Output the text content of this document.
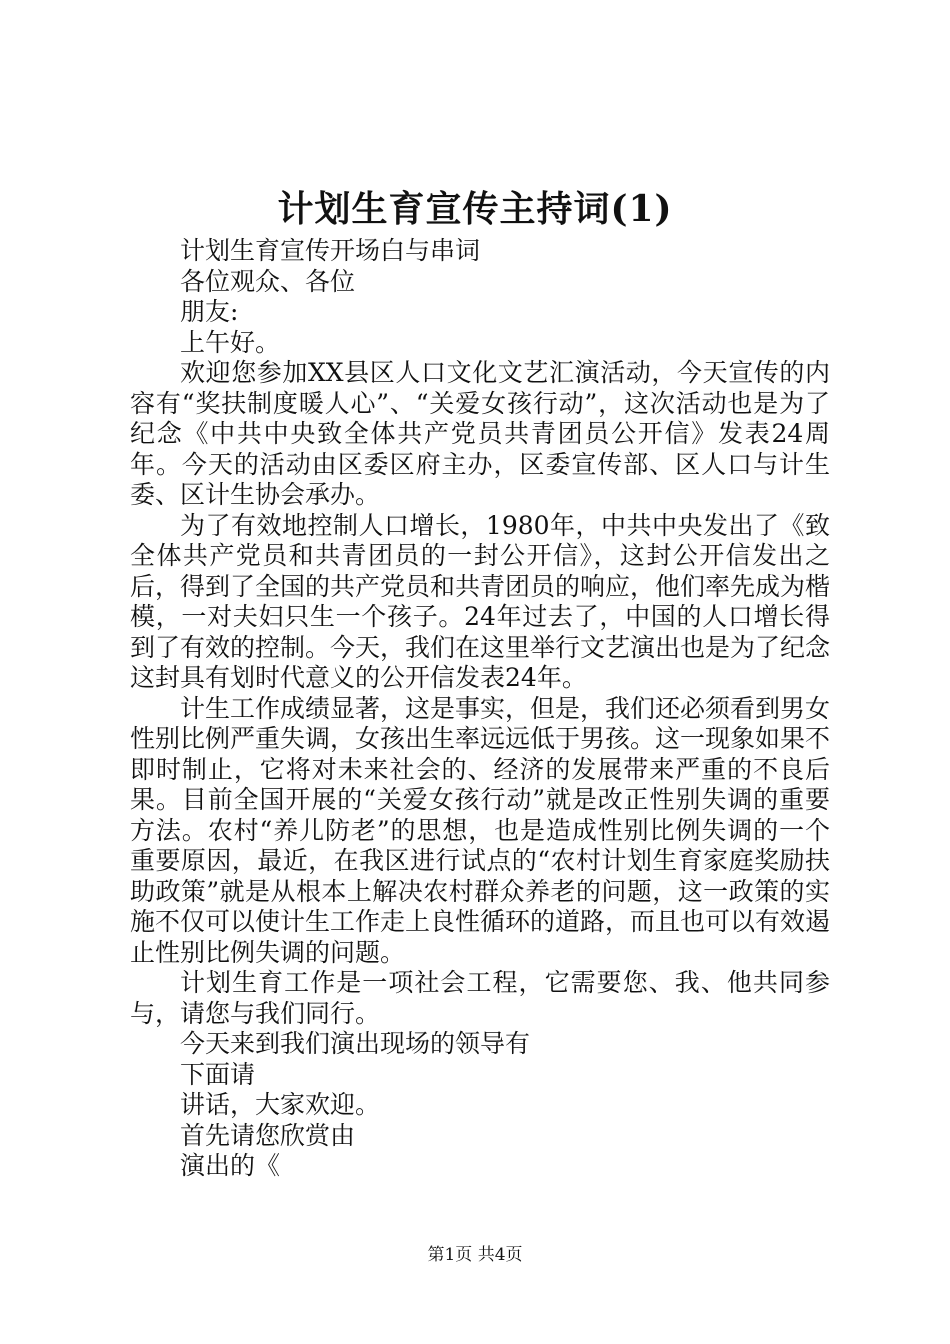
计划生育宣传主持词(1)

计划生育宣传开场白与串词

各位观众、各位

朋友:

上午好。

欢迎您参加XX县区人口文化文艺汇演活动，今天宣传的内容有“奖扶制度暖人心”、“关爱女孩行动”，这次活动也是为了纪念《中共中央致全体共产党员共青团员公开信》发表24周年。今天的活动由区委区府主办，区委宣传部、区人口与计生委、区计生协会承办。

为了有效地控制人口增长，1980年，中共中央发出了《致全体共产党员和共青团员的一封公开信》，这封公开信发出之后，得到了全国的共产党员和共青团员的响应，他们率先成为楷模，一对夫妇只生一个孩子。24年过去了，中国的人口增长得到了有效的控制。今天，我们在这里举行文艺演出也是为了纪念这封具有划时代意义的公开信发表24年。

计生工作成绩显著，这是事实，但是，我们还必须看到男女性别比例严重失调，女孩出生率远远低于男孩。这一现象如果不即时制止，它将对未来社会的、经济的发展带来严重的不良后果。目前全国开展的“关爱女孩行动”就是改正性别失调的重要方法。农村“养儿防老”的思想，也是造成性别比例失调的一个重要原因，最近，在我区进行试点的“农村计划生育家庭奖励扶助政策”就是从根本上解决农村群众养老的问题，这一政策的实施不仅可以使计生工作走上良性循环的道路，而且也可以有效遏止性别比例失调的问题。

计划生育工作是一项社会工程，它需要您、我、他共同参与，请您与我们同行。

今天来到我们演出现场的领导有

下面请

讲话，大家欢迎。

首先请您欣赏由

演出的《

第1页 共4页
